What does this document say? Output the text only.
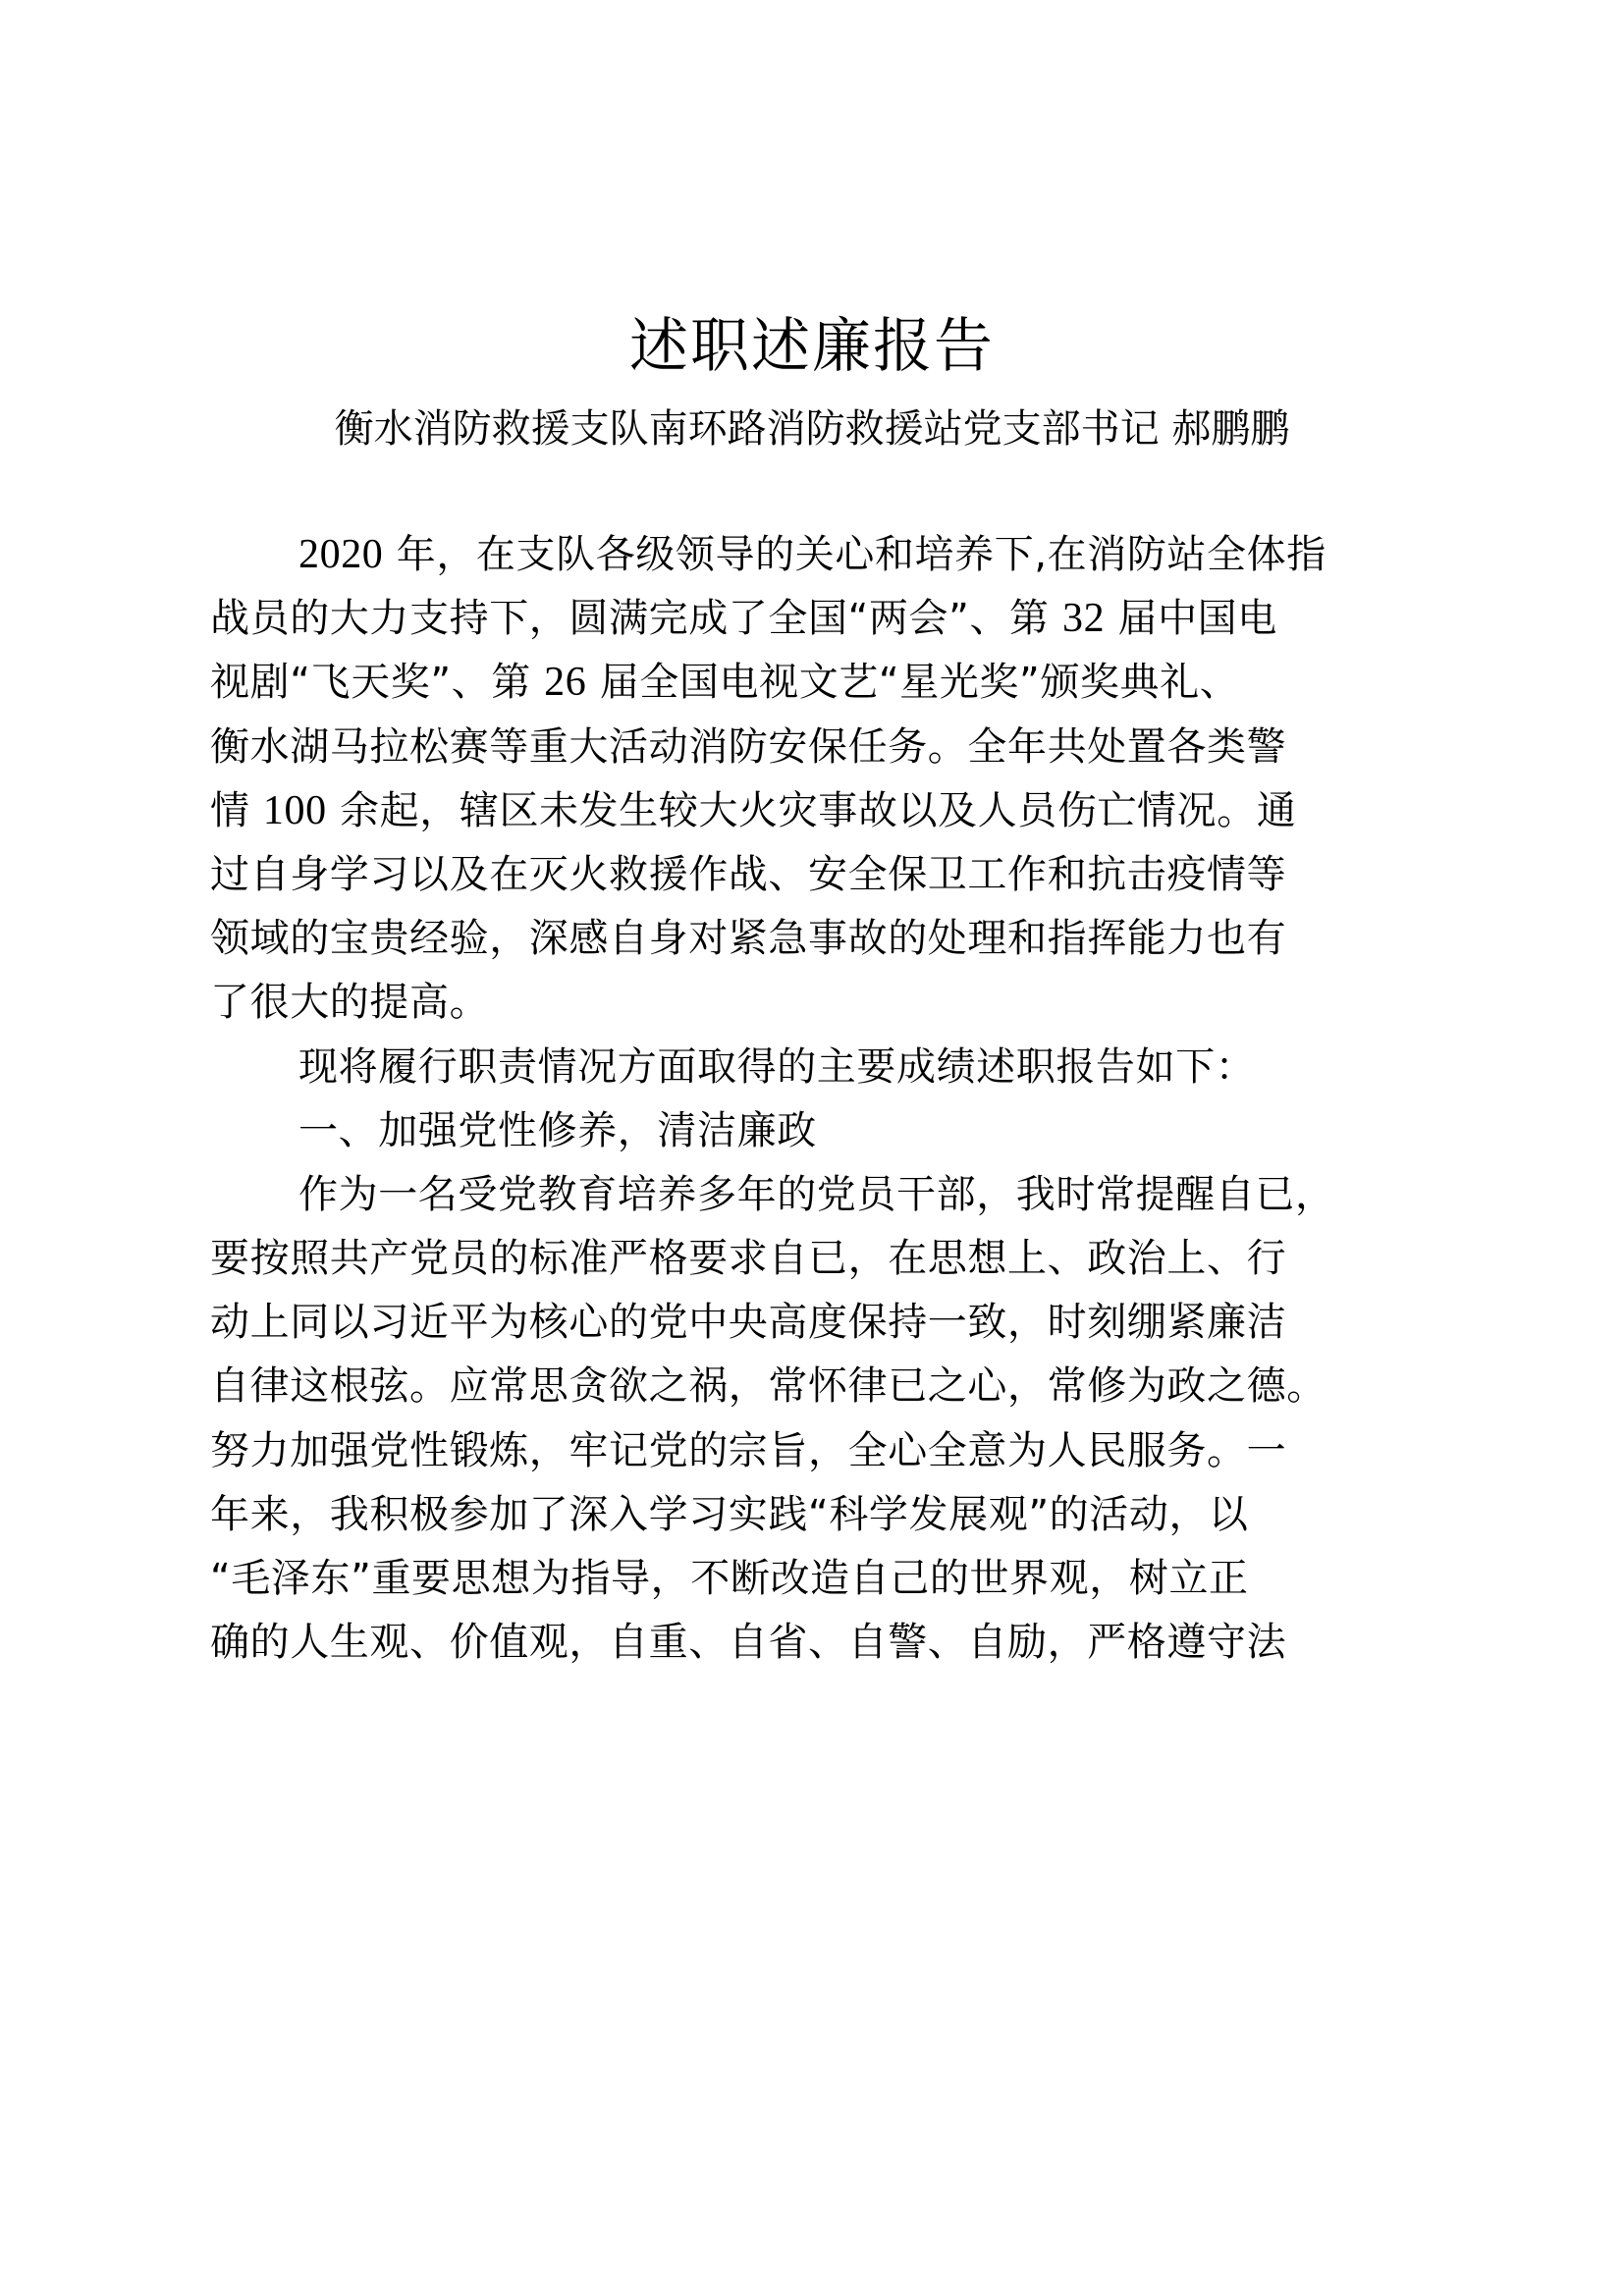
述职述廉报告
衡水消防救援支队南环路消防救援站党支部书记 郝鹏鹏
2020 年，在支队各级领导的关心和培养下,在消防站全体指
战员的大力支持下，圆满完成了全国“两会”、第 32 届中国电
视剧“飞天奖”、第 26 届全国电视文艺“星光奖”颁奖典礼、
衡水湖马拉松赛等重大活动消防安保任务。全年共处置各类警
情 100 余起，辖区未发生较大火灾事故以及人员伤亡情况。通
过自身学习以及在灭火救援作战、安全保卫工作和抗击疫情等
领域的宝贵经验，深感自身对紧急事故的处理和指挥能力也有
了很大的提高。
现将履行职责情况方面取得的主要成绩述职报告如下：
一、加强党性修养，清洁廉政
作为一名受党教育培养多年的党员干部，我时常提醒自已，
要按照共产党员的标准严格要求自已，在思想上、政治上、行
动上同以习近平为核心的党中央高度保持一致，时刻绷紧廉洁
自律这根弦。应常思贪欲之祸，常怀律已之心，常修为政之德。
努力加强党性锻炼，牢记党的宗旨，全心全意为人民服务。一
年来，我积极参加了深入学习实践“科学发展观”的活动，以
“毛泽东”重要思想为指导，不断改造自己的世界观，树立正
确的人生观、价值观，自重、自省、自警、自励，严格遵守法
